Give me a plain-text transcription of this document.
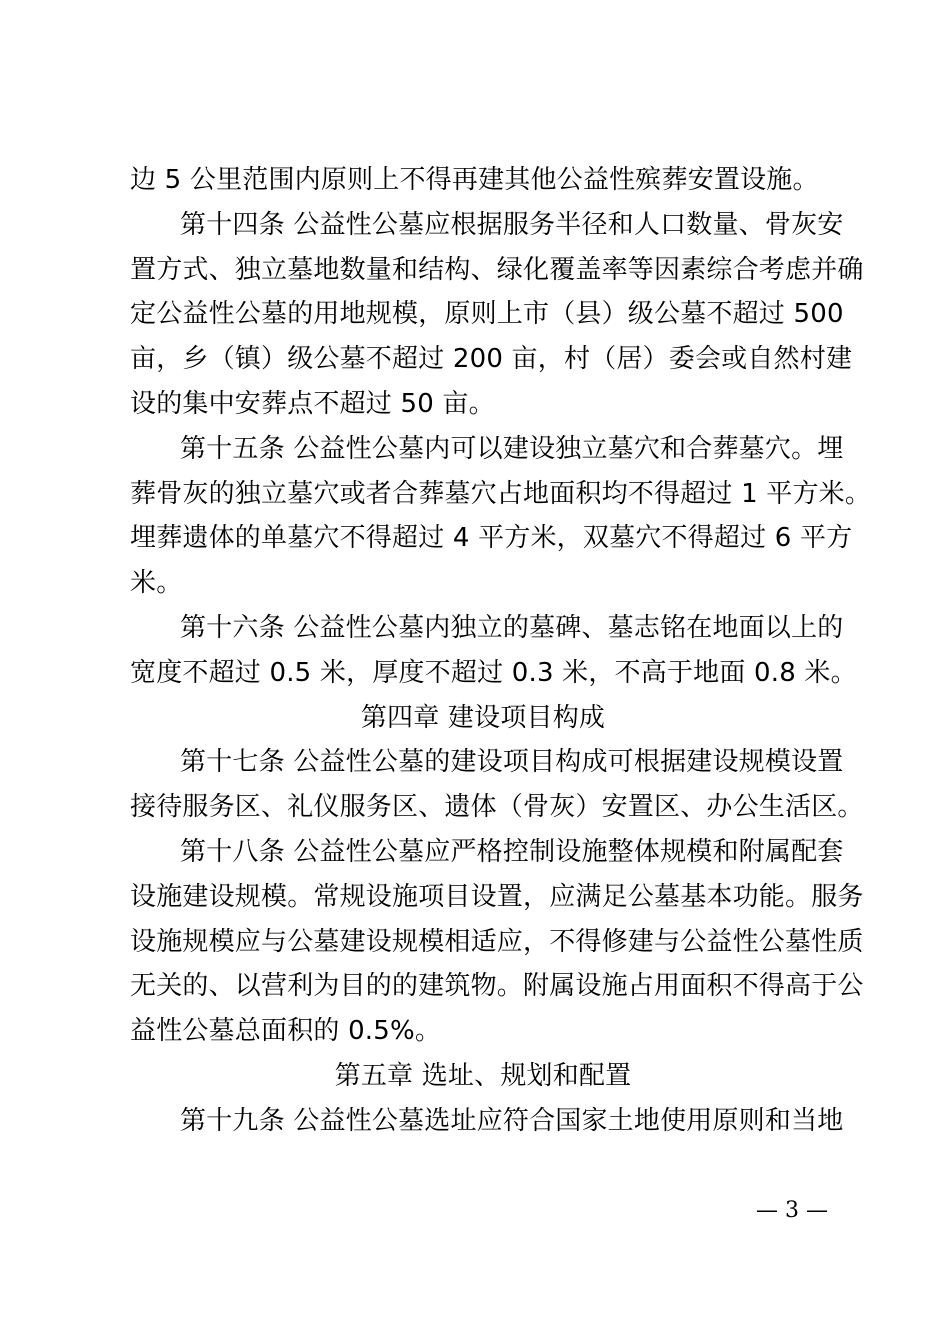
边 5 公里范围内原则上不得再建其他公益性殡葬安置设施。
第十四条 公益性公墓应根据服务半径和人口数量、骨灰安
置方式、独立墓地数量和结构、绿化覆盖率等因素综合考虑并确
定公益性公墓的用地规模，原则上市（县）级公墓不超过 500
亩，乡（镇）级公墓不超过 200 亩，村（居）委会或自然村建
设的集中安葬点不超过 50 亩。
第十五条 公益性公墓内可以建设独立墓穴和合葬墓穴。埋
葬骨灰的独立墓穴或者合葬墓穴占地面积均不得超过 1 平方米。
埋葬遗体的单墓穴不得超过 4 平方米，双墓穴不得超过 6 平方
米。
第十六条 公益性公墓内独立的墓碑、墓志铭在地面以上的
宽度不超过 0.5 米，厚度不超过 0.3 米，不高于地面 0.8 米。
第四章 建设项目构成
第十七条 公益性公墓的建设项目构成可根据建设规模设置
接待服务区、礼仪服务区、遗体（骨灰）安置区、办公生活区。
第十八条 公益性公墓应严格控制设施整体规模和附属配套
设施建设规模。常规设施项目设置，应满足公墓基本功能。服务
设施规模应与公墓建设规模相适应，不得修建与公益性公墓性质
无关的、以营利为目的的建筑物。附属设施占用面积不得高于公
益性公墓总面积的 0.5%。
第五章 选址、规划和配置
第十九条 公益性公墓选址应符合国家土地使用原则和当地
— 3 —
